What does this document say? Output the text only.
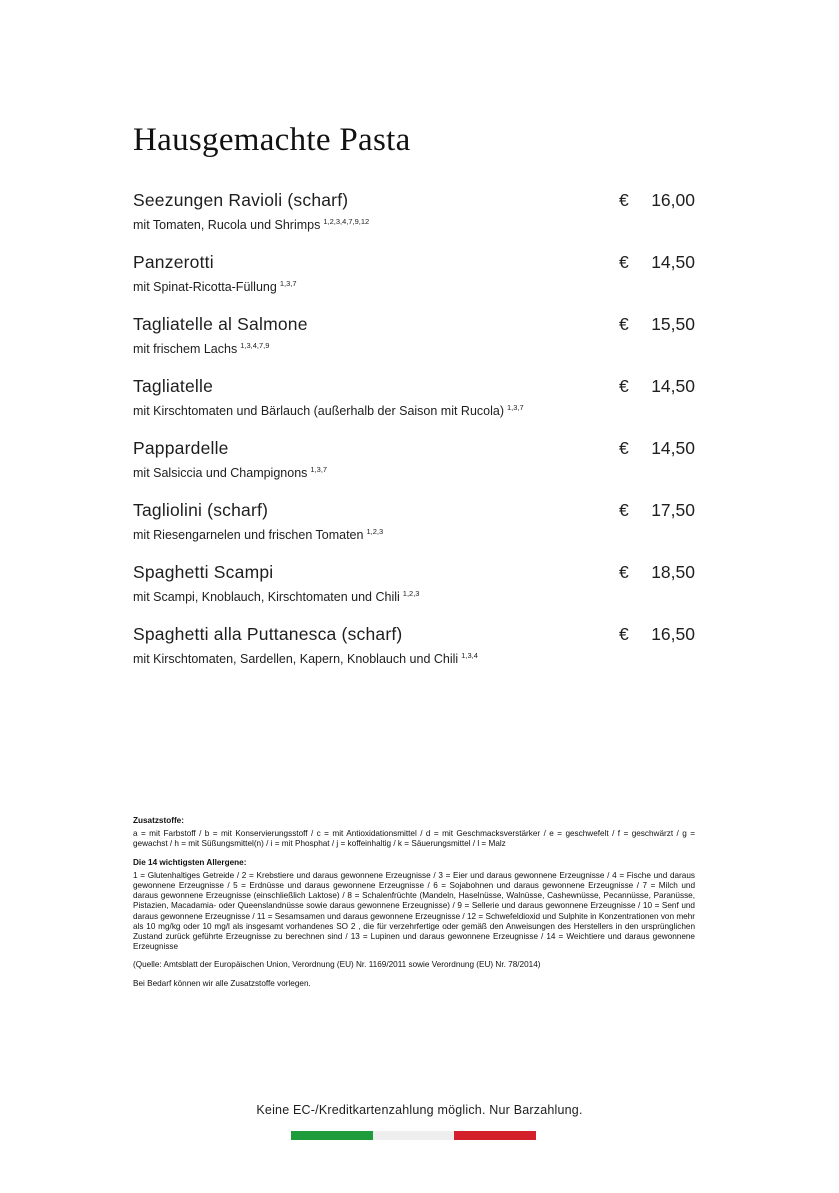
Hausgemachte Pasta
Seezungen Ravioli (scharf)
mit Tomaten, Rucola und Shrimps $^{1,2,3,4,7,9,12}$
€ 16,00
Panzerotti
mit Spinat-Ricotta-Füllung $^{1,3,7}$
€ 14,50
Tagliatelle al Salmone
mit frischem Lachs $^{1,3,4,7,9}$
€ 15,50
Tagliatelle
mit Kirschtomaten und Bärlauch (außerhalb der Saison mit Rucola) $^{1,3,7}$
€ 14,50
Pappardelle
mit Salsiccia und Champignons $^{1,3,7}$
€ 14,50
Tagliolini (scharf)
mit Riesengarnelen und frischen Tomaten $^{1,2,3}$
€ 17,50
Spaghetti Scampi
mit Scampi, Knoblauch, Kirschtomaten und Chili $^{1,2,3}$
€ 18,50
Spaghetti alla Puttanesca (scharf)
mit Kirschtomaten, Sardellen, Kapern, Knoblauch und Chili $^{1,3,4}$
€ 16,50
Zusatzstoffe:

a = mit Farbstoff / b = mit Konservierungsstoff / c = mit Antioxidationsmittel / d = mit Geschmacksverstärker / e = geschwefelt / f = geschwärzt / g = gewachst / h = mit Süßungsmittel(n) / i = mit Phosphat / j = koffeinhaltig / k = Säuerungsmittel / l = Malz

Die 14 wichtigsten Allergene:

1 = Glutenhaltiges Getreide / 2 = Krebstiere und daraus gewonnene Erzeugnisse / 3 = Eier und daraus gewonnene Erzeugnisse / 4 = Fische und daraus gewonnene Erzeugnisse / 5 = Erdnüsse und daraus gewonnene Erzeugnisse / 6 = Sojabohnen und daraus gewonnene Erzeugnisse / 7 = Milch und daraus gewonnene Erzeugnisse (einschließlich Laktose) / 8 = Schalenfrüchte (Mandeln, Haselnüsse, Walnüsse, Cashewnüsse, Pecannüsse, Paranüsse, Pistazien, Macadamia- oder Queenslandnüsse sowie daraus gewonnene Erzeugnisse) / 9 = Sellerie und daraus gewonnene Erzeugnisse / 10 = Senf und daraus gewonnene Erzeugnisse / 11 = Sesamsamen und daraus gewonnene Erzeugnisse / 12 = Schwefeldioxid und Sulphite in Konzentrationen von mehr als 10 mg/kg oder 10 mg/l als insgesamt vorhandenes SO 2 , die für verzehrfertige oder gemäß den Anweisungen des Herstellers in den ursprünglichen Zustand zurück geführte Erzeugnisse zu berechnen sind / 13 = Lupinen und daraus gewonnene Erzeugnisse / 14 = Weichtiere und daraus gewonnene Erzeugnisse

(Quelle: Amtsblatt der Europäischen Union, Verordnung (EU) Nr. 1169/2011 sowie Verordnung (EU) Nr. 78/2014)

Bei Bedarf können wir alle Zusatzstoffe vorlegen.

Keine EC-/Kreditkartenzahlung möglich. Nur Barzahlung.
